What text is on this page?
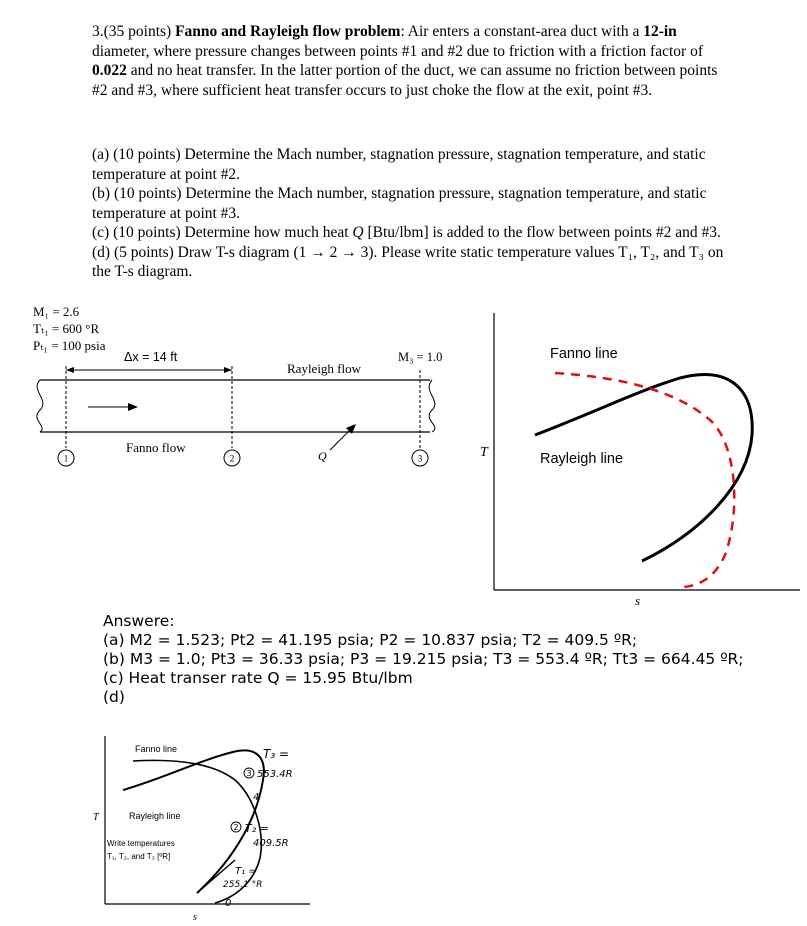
3.(35 points) Fanno and Rayleigh flow problem: Air enters a constant-area duct with a 12-in diameter, where pressure changes between points #1 and #2 due to friction with a friction factor of 0.022 and no heat transfer. In the latter portion of the duct, we can assume no friction between points #2 and #3, where sufficient heat transfer occurs to just choke the flow at the exit, point #3.
(a) (10 points) Determine the Mach number, stagnation pressure, stagnation temperature, and static temperature at point #2.
(b) (10 points) Determine the Mach number, stagnation pressure, stagnation temperature, and static temperature at point #3.
(c) (10 points) Determine how much heat Q [Btu/lbm] is added to the flow between points #2 and #3.
(d) (5 points) Draw T-s diagram (1 → 2 → 3). Please write static temperature values T₁, T₂, and T₃ on the T-s diagram.
M₁ = 2.6
Tₜ₁ = 600 °R
Pₜ₁ = 100 psia
1	2	3
Δx = 14 ft
Rayleigh flow
M₃ = 1.0
Fanno flow
Q	T
s
Fanno line
Rayleigh line
Answere:
(a) M2 = 1.523; Pt2 = 41.195 psia; P2 = 10.837 psia; T2 = 409.5 ºR;
(b) M3 = 1.0; Pt3 = 36.33 psia; P3 = 19.215 psia; T3 = 553.4 ºR; Tt3 = 664.45 ºR;
(c) Heat transer rate Q = 15.95 Btu/lbm
(d)
T
s
Fanno line
Rayleigh line
Write temperatures
T₁, T₂, and T₃ [ºR]
T₃ =
3 553.4R
4
2 T₂ =
409.5R
T₁ =
255.1 °R
0
